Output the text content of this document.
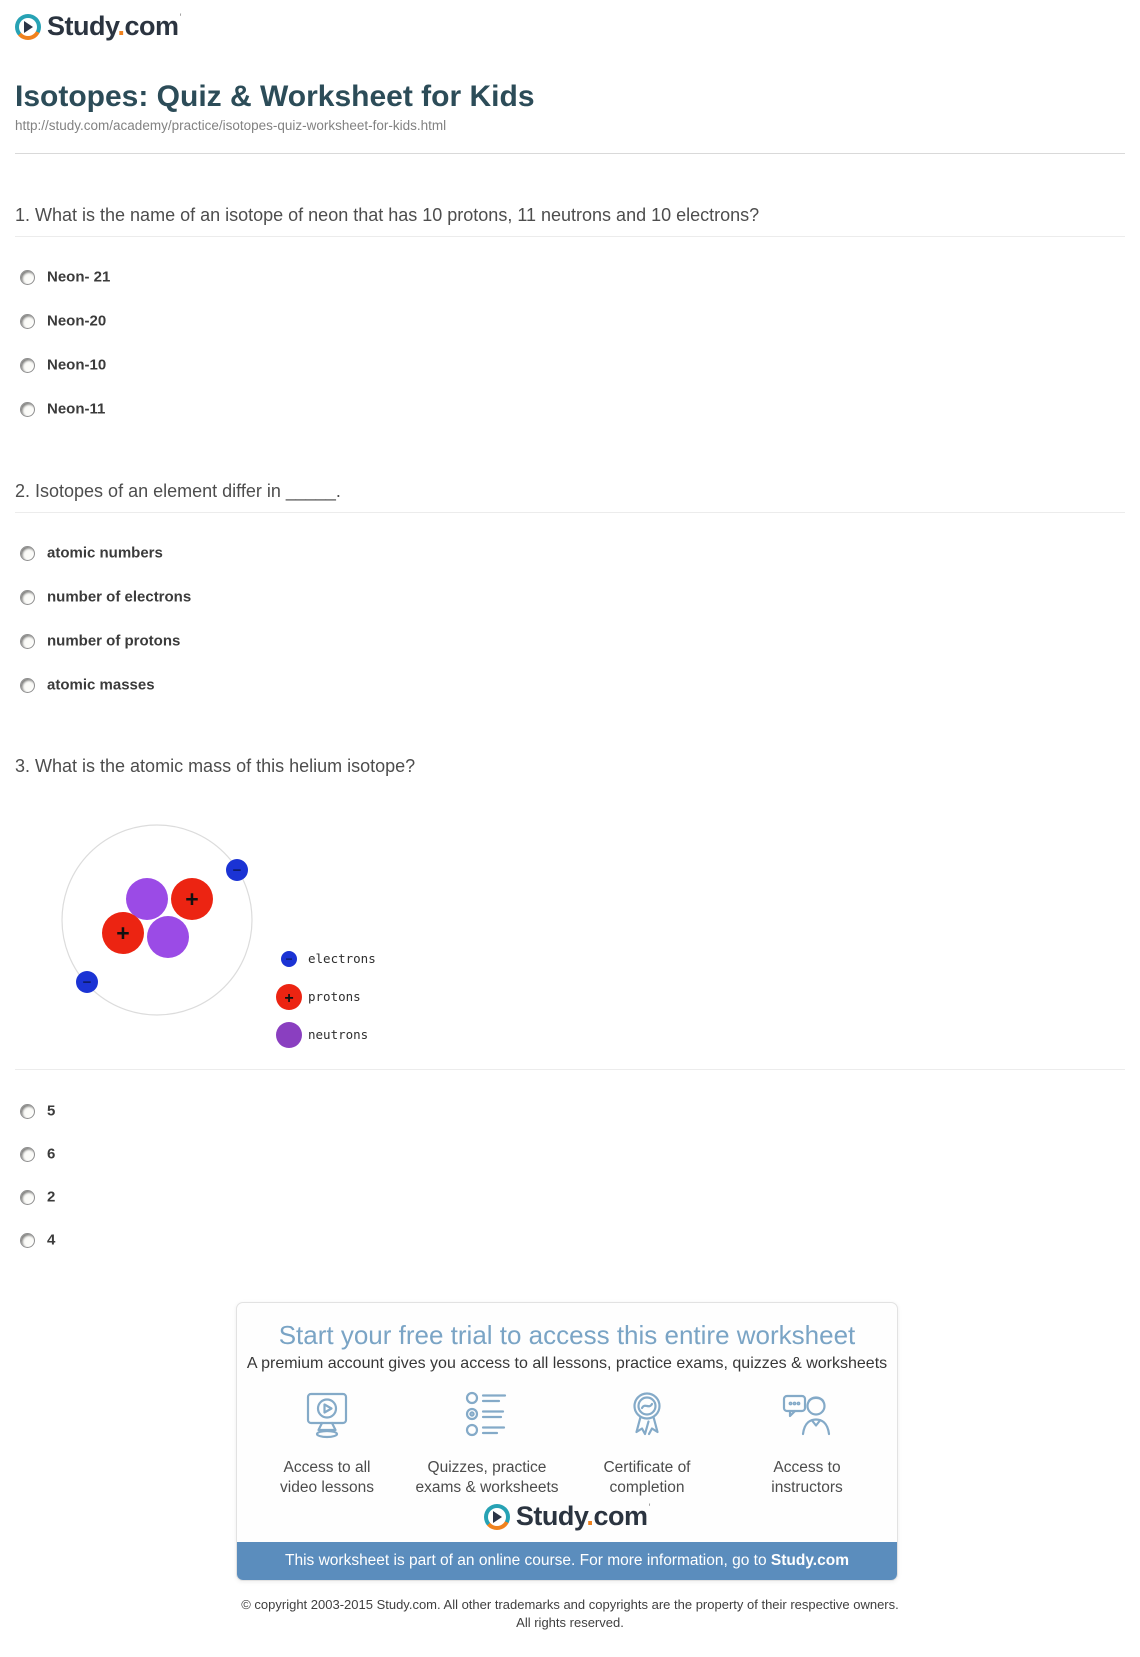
Study.com'
Isotopes: Quiz & Worksheet for Kids
http://study.com/academy/practice/isotopes-quiz-worksheet-for-kids.html
1. What is the name of an isotope of neon that has 10 protons, 11 neutrons and 10 electrons?
Neon- 21
Neon-20
Neon-10
Neon-11
2. Isotopes of an element differ in _____.
atomic numbers
number of electrons
number of protons
atomic masses
3. What is the atomic mass of this helium isotope?
+
+
−
−
− electrons
+ protons
neutrons
5
6
2
4
Start your free trial to access this entire worksheet
A premium account gives you access to all lessons, practice exams, quizzes & worksheets
Access to all
video lessons
Quizzes, practice
exams & worksheets
Certificate of
completion
Access to
instructors
Study.com'
This worksheet is part of an online course. For more information, go to Study.com
© copyright 2003-2015 Study.com. All other trademarks and copyrights are the property of their respective owners.
All rights reserved.
